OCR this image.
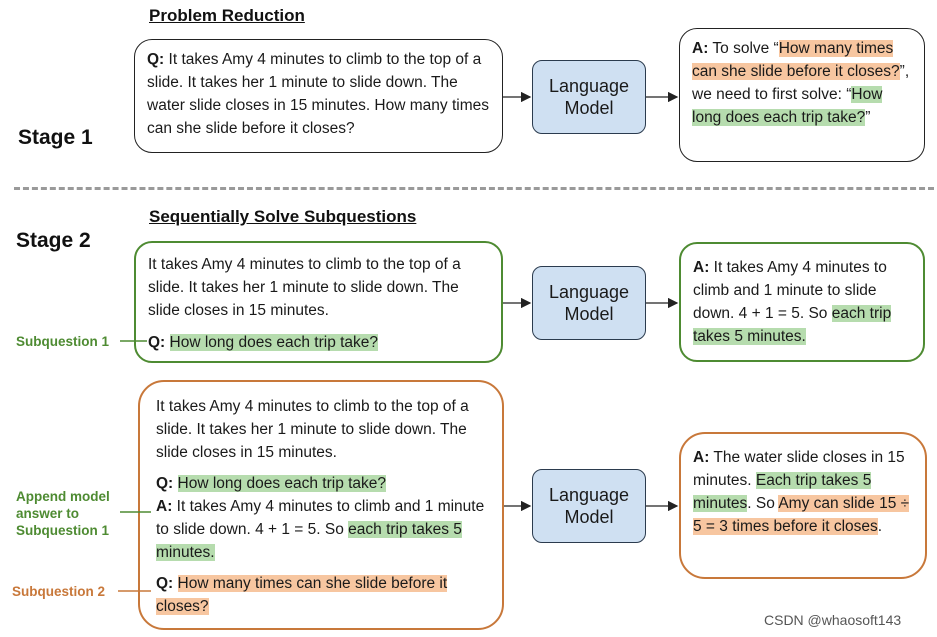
Problem Reduction
Stage 1

Q: It takes Amy 4 minutes to climb to the top of a slide. It takes her 1 minute to slide down. The water slide closes in 15 minutes. How many times can she slide before it closes?

Language Model

A: To solve “How many times can she slide before it closes?”, we need to first solve: “How long does each trip take?”

Stage 2
Sequentially Solve Subquestions

It takes Amy 4 minutes to climb to the top of a slide. It takes her 1 minute to slide down. The slide closes in 15 minutes.

Q: How long does each trip take?

Subquestion 1
Language Model

A: It takes Amy 4 minutes to climb and 1 minute to slide down. 4 + 1 = 5. So each trip takes 5 minutes.

It takes Amy 4 minutes to climb to the top of a slide. It takes her 1 minute to slide down. The slide closes in 15 minutes.

Q: How long does each trip take?

A: It takes Amy 4 minutes to climb and 1 minute to slide down. 4 + 1 = 5. So each trip takes 5 minutes.

Q: How many times can she slide before it closes?

Append model answer to Subquestion 1
Subquestion 2
Language Model

A: The water slide closes in 15 minutes. Each trip takes 5 minutes. So Amy can slide 15 ÷ 5 = 3 times before it closes.

CSDN @whaosoft143
